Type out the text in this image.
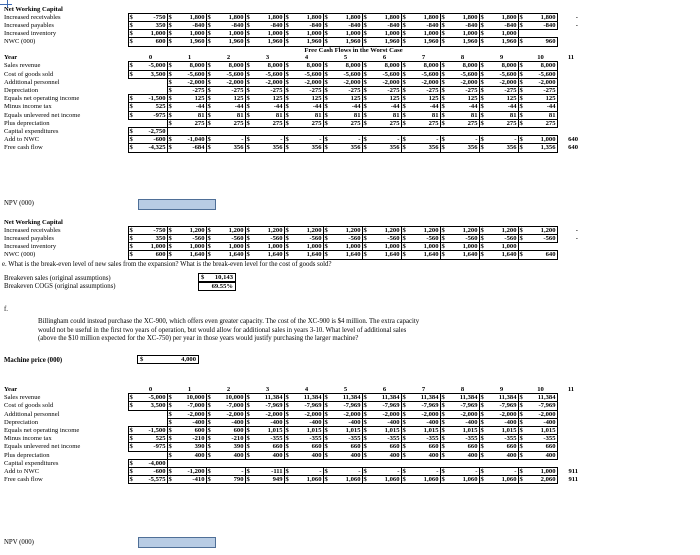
Net Working Capital																								
Increased receivables	$	-750	$	1,800	$	1,800	$	1,800	$	1,800	$	1,800	$	1,800	$	1,800	$	1,800	$	1,800	$	1,800		-
Increased payables	$	350	$	-840	$	-840	$	-840	$	-840	$	-840	$	-840	$	-840	$	-840	$	-840	$	-840		-
Increased inventory	$	1,000	$	1,000	$	1,000	$	1,000	$	1,000	$	1,000	$	1,000	$	1,000	$	1,000	$	1,000				
NWC (000)	$	600	$	1,960	$	1,960	$	1,960	$	1,960	$	1,960	$	1,960	$	1,960	$	1,960	$	1,960	$	960		
	Free Cash Flows in the Worst Case																							
Year		0		1		2		3		4		5		6		7		8		9		10		11
Sales revenue	$	-5,000	$	8,000	$	8,000	$	8,000	$	8,000	$	8,000	$	8,000	$	8,000	$	8,000	$	8,000	$	8,000		
Cost of goods sold	$	3,500	$	-5,600	$	-5,600	$	-5,600	$	-5,600	$	-5,600	$	-5,600	$	-5,600	$	-5,600	$	-5,600	$	-5,600		
Additional personnel			$	-2,000	$	-2,000	$	-2,000	$	-2,000	$	-2,000	$	-2,000	$	-2,000	$	-2,000	$	-2,000	$	-2,000		
Depreciation			$	-275	$	-275	$	-275	$	-275	$	-275	$	-275	$	-275	$	-275	$	-275	$	-275		
Equals net operating income	$	-1,500	$	125	$	125	$	125	$	125	$	125	$	125	$	125	$	125	$	125	$	125		
Minus income tax	$	525	$	-44	$	-44	$	-44	$	-44	$	-44	$	-44	$	-44	$	-44	$	-44	$	-44		
Equals unlevered net income	$	-975	$	81	$	81	$	81	$	81	$	81	$	81	$	81	$	81	$	81	$	81		
Plus depreciation			$	275	$	275	$	275	$	275	$	275	$	275	$	275	$	275	$	275	$	275		
Capital expenditures	$	-2,750																						
Add to NWC	$	-600	$	-1,040	$	-	$	-	$	-	$	-	$	-	$	-	$	-	$	-	$	1,000		640
Free cash flow	$	-4,325	$	-684	$	356	$	356	$	356	$	356	$	356	$	356	$	356	$	356	$	1,356		640
NPV (000)
Net Working Capital																								
Increased receivables	$	-750	$	1,200	$	1,200	$	1,200	$	1,200	$	1,200	$	1,200	$	1,200	$	1,200	$	1,200	$	1,200		-
Increased payables	$	350	$	-560	$	-560	$	-560	$	-560	$	-560	$	-560	$	-560	$	-560	$	-560	$	-560		-
Increased inventory	$	1,000	$	1,000	$	1,000	$	1,000	$	1,000	$	1,000	$	1,000	$	1,000	$	1,000	$	1,000				
NWC (000)	$	600	$	1,640	$	1,640	$	1,640	$	1,640	$	1,640	$	1,640	$	1,640	$	1,640	$	1,640	$	640		
e. What is the break-even level of new sales from the expansion? What is the break-even level for the cost of goods sold?
Breakeven sales (original assumptions)	$ 10,143
Breakeven COGS (original assumptions)	69.55%
f.
Billingham could instead purchase the XC-900, which offers even greater capacity. The cost of the XC-900 is $4 million. The extra capacity
would not be useful in the first two years of operation, but would allow for additional sales in years 3-10. What level of additional sales
(above the $10 million expected for the XC-750) per year in those years would justify purchasing the larger machine?
Machine price (000)	$	4,000
Year		0		1		2		3		4		5		6		7		8		9		10		11
Sales revenue	$	-5,000	$	10,000	$	10,000	$	11,384	$	11,384	$	11,384	$	11,384	$	11,384	$	11,384	$	11,384	$	11,384		
Cost of goods sold	$	3,500	$	-7,000	$	-7,000	$	-7,969	$	-7,969	$	-7,969	$	-7,969	$	-7,969	$	-7,969	$	-7,969	$	-7,969		
Additional personnel			$	-2,000	$	-2,000	$	-2,000	$	-2,000	$	-2,000	$	-2,000	$	-2,000	$	-2,000	$	-2,000	$	-2,000		
Depreciation			$	-400	$	-400	$	-400	$	-400	$	-400	$	-400	$	-400	$	-400	$	-400	$	-400		
Equals net operating income	$	-1,500	$	600	$	600	$	1,015	$	1,015	$	1,015	$	1,015	$	1,015	$	1,015	$	1,015	$	1,015		
Minus income tax	$	525	$	-210	$	-210	$	-355	$	-355	$	-355	$	-355	$	-355	$	-355	$	-355	$	-355		
Equals unlevered net income	$	-975	$	390	$	390	$	660	$	660	$	660	$	660	$	660	$	660	$	660	$	660		
Plus depreciation			$	400	$	400	$	400	$	400	$	400	$	400	$	400	$	400	$	400	$	400		
Capital expenditures	$	-4,000																						
Add to NWC	$	-600	$	-1,200	$	-	$	-111	$	-	$	-	$	-	$	-	$	-	$	-	$	1,000		911
Free cash flow	$	-5,575	$	-410	$	790	$	949	$	1,060	$	1,060	$	1,060	$	1,060	$	1,060	$	1,060	$	2,060		911
NPV (000)
